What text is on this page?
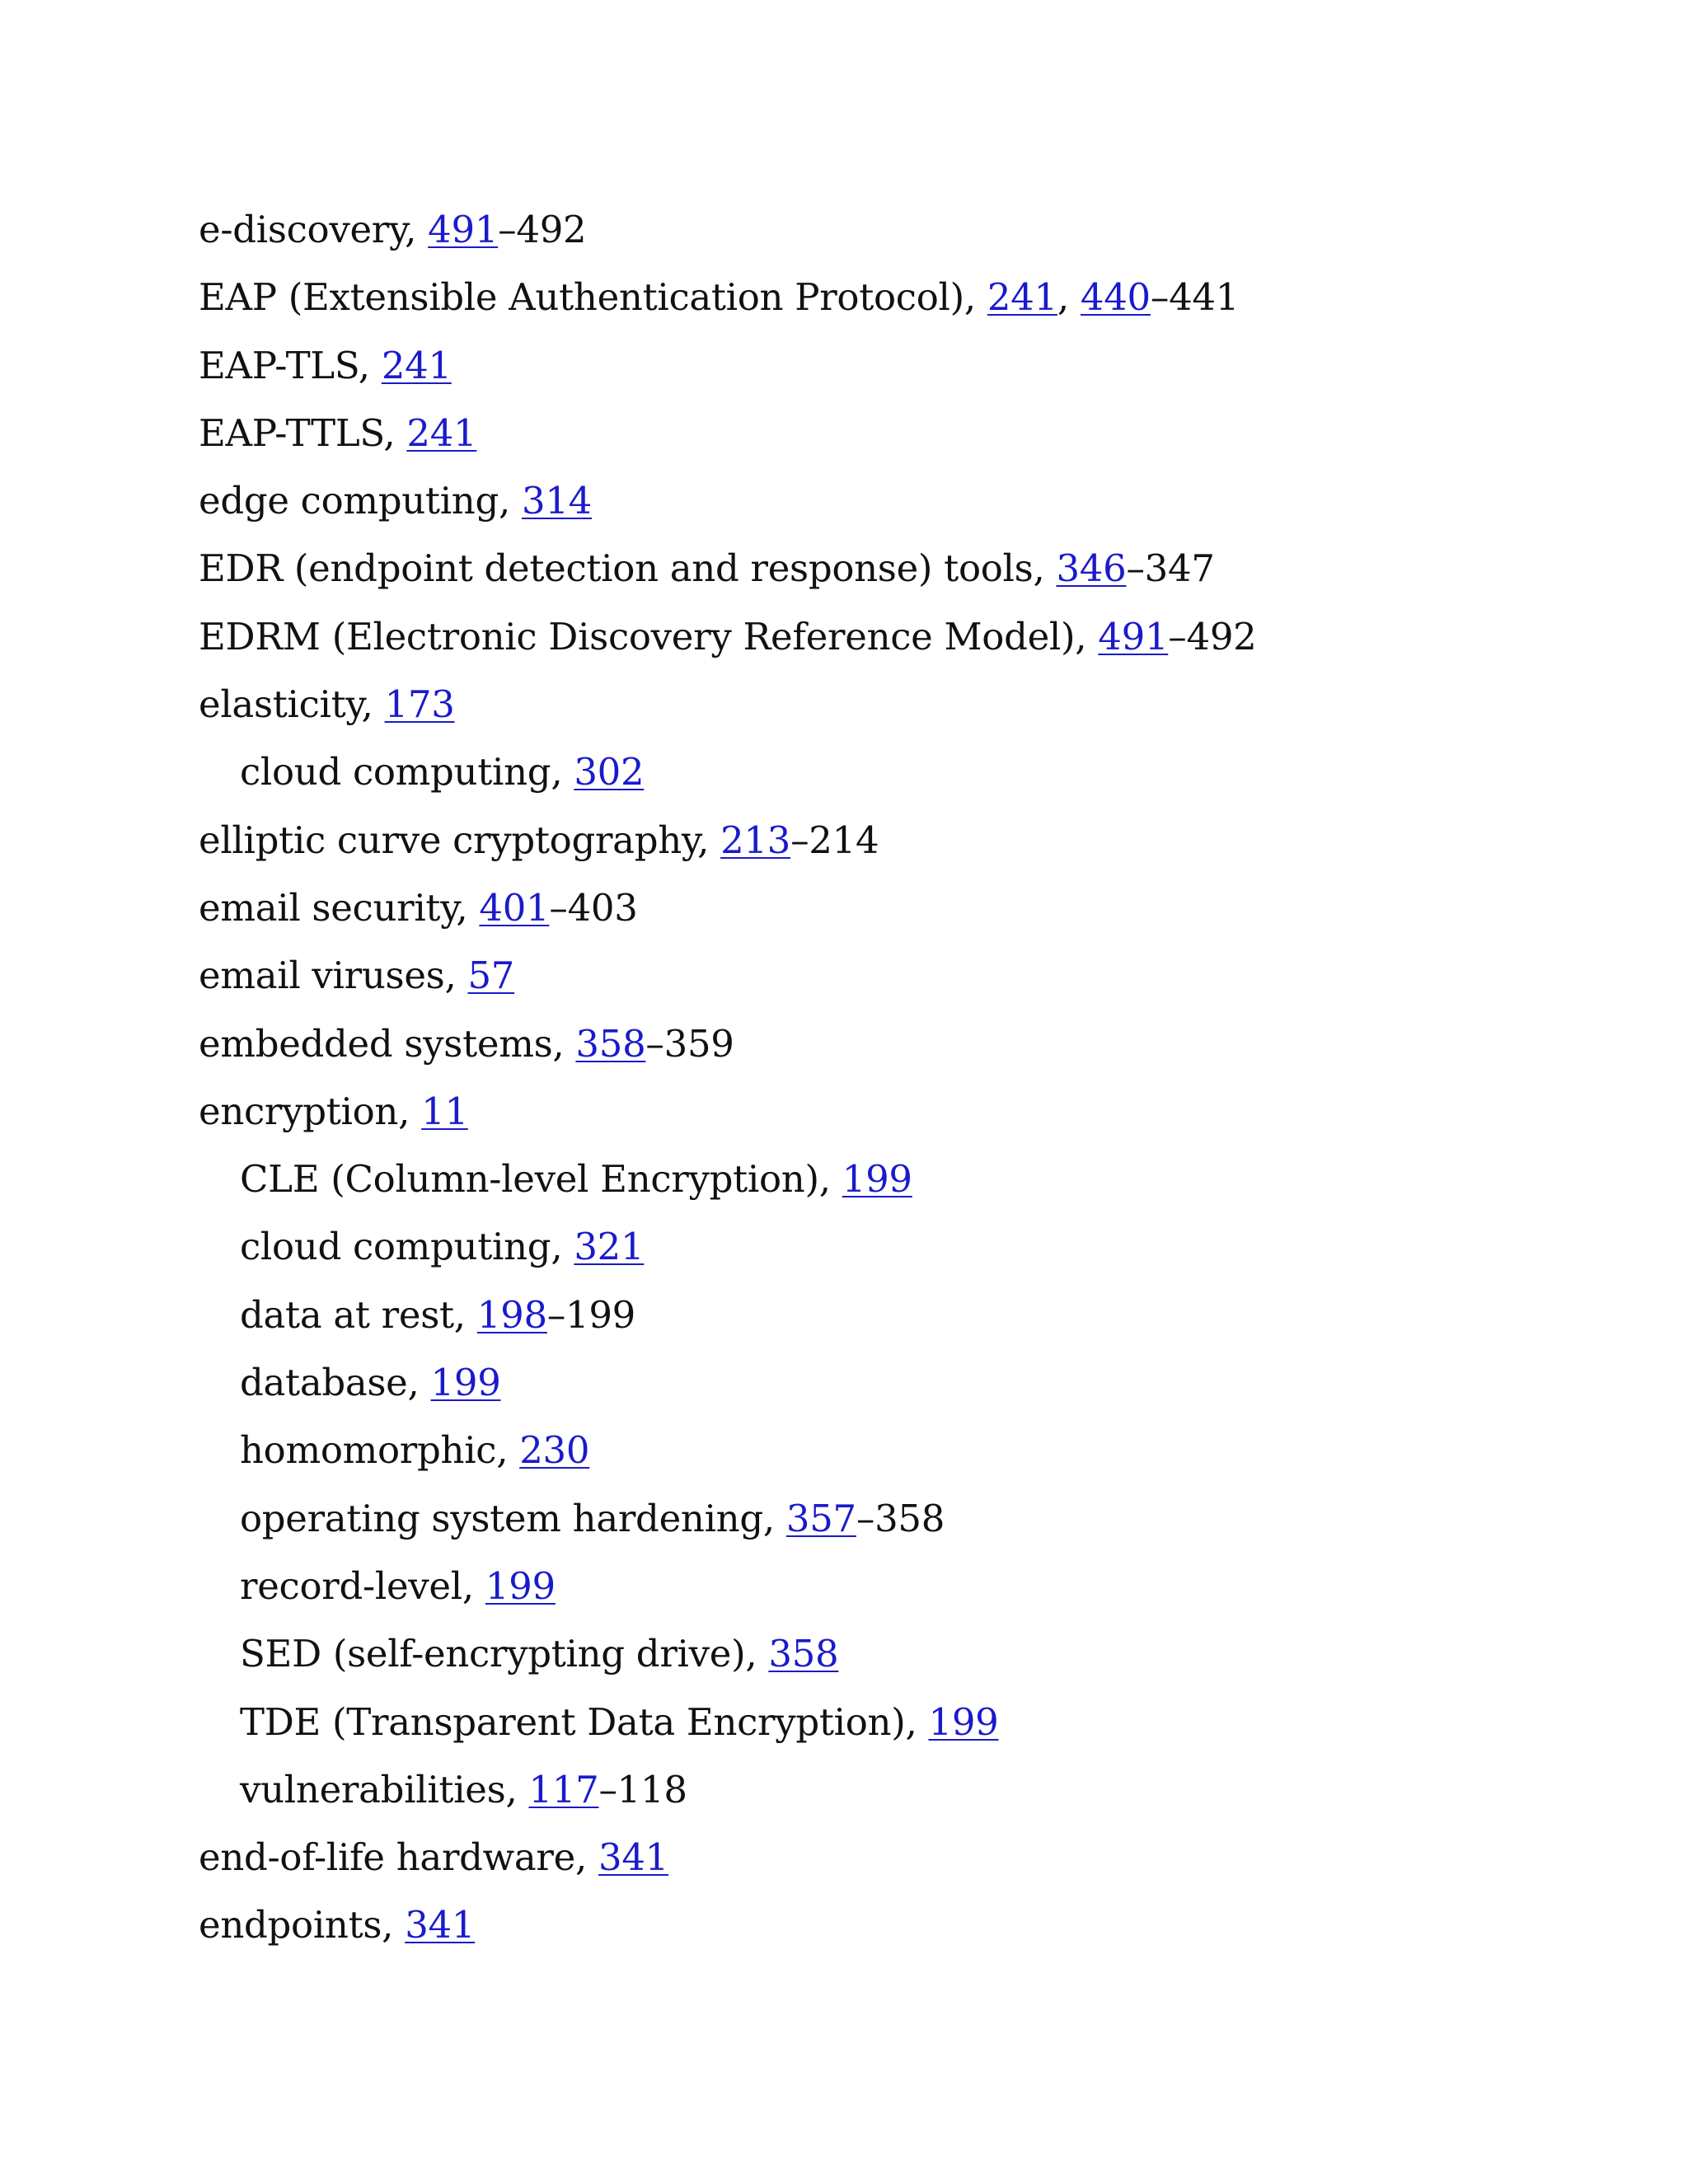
e-discovery, 491–492
EAP (Extensible Authentication Protocol), 241, 440–441
EAP-TLS, 241
EAP-TTLS, 241
edge computing, 314
EDR (endpoint detection and response) tools, 346–347
EDRM (Electronic Discovery Reference Model), 491–492
elasticity, 173
cloud computing, 302
elliptic curve cryptography, 213–214
email security, 401–403
email viruses, 57
embedded systems, 358–359
encryption, 11
CLE (Column-level Encryption), 199
cloud computing, 321
data at rest, 198–199
database, 199
homomorphic, 230
operating system hardening, 357–358
record-level, 199
SED (self-encrypting drive), 358
TDE (Transparent Data Encryption), 199
vulnerabilities, 117–118
end-of-life hardware, 341
endpoints, 341
